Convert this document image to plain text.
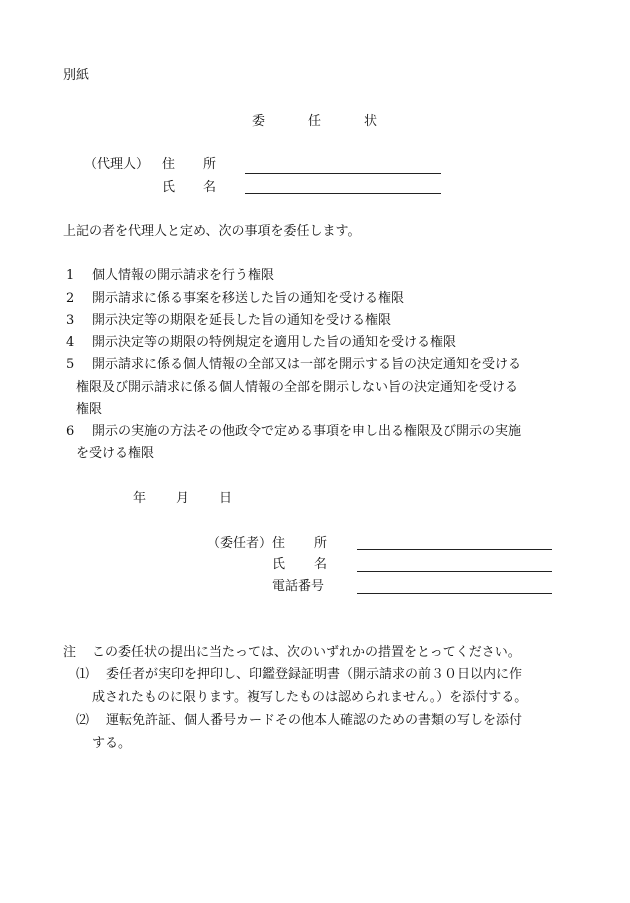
別紙
委	任	状
（代理人） 住 所
氏 名
上記の者を代理人と定め、次の事項を委任します。
1 個人情報の開示請求を行う権限
2 開示請求に係る事案を移送した旨の通知を受ける権限
3 開示決定等の期限を延長した旨の通知を受ける権限
4 開示決定等の期限の特例規定を適用した旨の通知を受ける権限
5 開示請求に係る個人情報の全部又は一部を開示する旨の決定通知を受ける
権限及び開示請求に係る個人情報の全部を開示しない旨の決定通知を受ける
権限
6 開示の実施の方法その他政令で定める事項を申し出る権限及び開示の実施
を受ける権限
年 月 日
（委任者） 住 所
氏 名
電話番号
注 この委任状の提出に当たっては、次のいずれかの措置をとってください。
⑴ 委任者が実印を押印し、印鑑登録証明書（開示請求の前３０日以内に作
成されたものに限ります。複写したものは認められません。）を添付する。
⑵ 運転免許証、個人番号カードその他本人確認のための書類の写しを添付
する。
